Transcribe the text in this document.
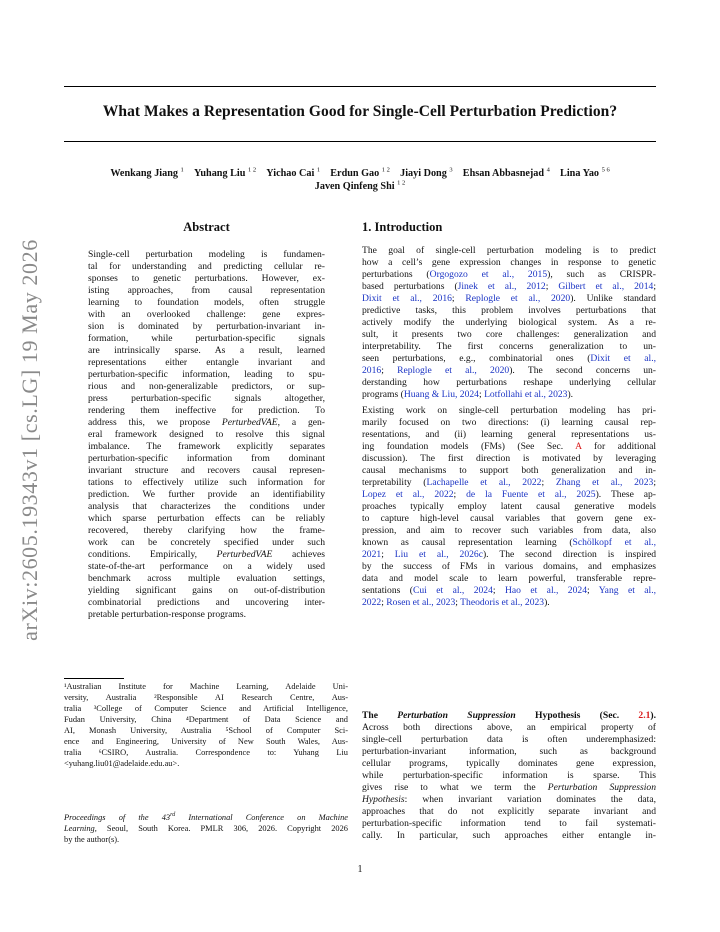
What Makes a Representation Good for Single-Cell Perturbation Prediction?
Wenkang Jiang $^1$  Yuhang Liu $^{1 2}$  Yichao Cai $^1$  Erdun Gao $^{1 2}$  Jiayi Dong $^3$  Ehsan Abbasnejad $^4$  Lina Yao $^{5 6}$
Javen Qinfeng Shi $^{1 2}$
arXiv:2605.19343v1 [cs.LG] 19 May 2026
Abstract
Single-cell perturbation modeling is fundamen-
tal for understanding and predicting cellular re-
sponses to genetic perturbations. However, ex-
isting approaches, from causal representation
learning to foundation models, often struggle
with an overlooked challenge: gene expres-
sion is dominated by perturbation-invariant in-
formation, while perturbation-specific signals
are intrinsically sparse. As a result, learned
representations either entangle invariant and
perturbation-specific information, leading to spu-
rious and non-generalizable predictors, or sup-
press perturbation-specific signals altogether,
rendering them ineffective for prediction. To
address this, we propose PerturbedVAE, a gen-
eral framework designed to resolve this signal
imbalance. The framework explicitly separates
perturbation-specific information from dominant
invariant structure and recovers causal represen-
tations to effectively utilize such information for
prediction. We further provide an identifiability
analysis that characterizes the conditions under
which sparse perturbation effects can be reliably
recovered, thereby clarifying how the frame-
work can be concretely specified under such
conditions. Empirically, PerturbedVAE achieves
state-of-the-art performance on a widely used
benchmark across multiple evaluation settings,
yielding significant gains on out-of-distribution
combinatorial predictions and uncovering inter-
pretable perturbation-response programs.
¹Australian Institute for Machine Learning, Adelaide Uni-
versity, Australia ²Responsible AI Research Centre, Aus-
tralia ³College of Computer Science and Artificial Intelligence,
Fudan University, China ⁴Department of Data Science and
AI, Monash University, Australia ⁵School of Computer Sci-
ence and Engineering, University of New South Wales, Aus-
tralia ⁶CSIRO, Australia. Correspondence to: Yuhang Liu
<yuhang.liu01@adelaide.edu.au>.
Proceedings of the 43rd International Conference on Machine
Learning, Seoul, South Korea. PMLR 306, 2026. Copyright 2026
by the author(s).
1. Introduction
The goal of single-cell perturbation modeling is to predict
how a cell’s gene expression changes in response to genetic
perturbations (Orgogozo et al., 2015), such as CRISPR-
based perturbations (Jinek et al., 2012; Gilbert et al., 2014;
Dixit et al., 2016; Replogle et al., 2020). Unlike standard
predictive tasks, this problem involves perturbations that
actively modify the underlying biological system. As a re-
sult, it presents two core challenges: generalization and
interpretability. The first concerns generalization to un-
seen perturbations, e.g., combinatorial ones (Dixit et al.,
2016; Replogle et al., 2020). The second concerns un-
derstanding how perturbations reshape underlying cellular
programs (Huang & Liu, 2024; Lotfollahi et al., 2023).
Existing work on single-cell perturbation modeling has pri-
marily focused on two directions: (i) learning causal rep-
resentations, and (ii) learning general representations us-
ing foundation models (FMs) (See Sec. A for additional
discussion). The first direction is motivated by leveraging
causal mechanisms to support both generalization and in-
terpretability (Lachapelle et al., 2022; Zhang et al., 2023;
Lopez et al., 2022; de la Fuente et al., 2025). These ap-
proaches typically employ latent causal generative models
to capture high-level causal variables that govern gene ex-
pression, and aim to recover such variables from data, also
known as causal representation learning (Schölkopf et al.,
2021; Liu et al., 2026c). The second direction is inspired
by the success of FMs in various domains, and emphasizes
data and model scale to learn powerful, transferable repre-
sentations (Cui et al., 2024; Hao et al., 2024; Yang et al.,
2022; Rosen et al., 2023; Theodoris et al., 2023).
The Perturbation Suppression Hypothesis (Sec. 2.1).
Across both directions above, an empirical property of
single-cell perturbation data is often underemphasized:
perturbation-invariant information, such as background
cellular programs, typically dominates gene expression,
while perturbation-specific information is sparse. This
gives rise to what we term the Perturbation Suppression
Hypothesis: when invariant variation dominates the data,
approaches that do not explicitly separate invariant and
perturbation-specific information tend to fail systemati-
cally. In particular, such approaches either entangle in-
1
